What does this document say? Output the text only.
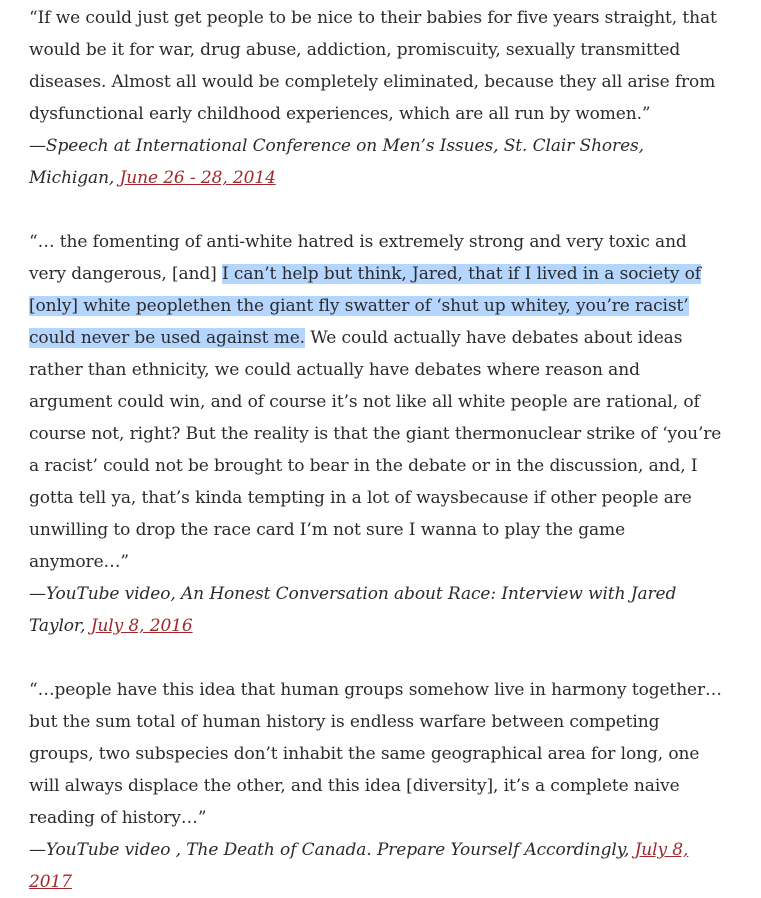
“If we could just get people to be nice to their babies for five years straight, that would be it for war, drug abuse, addiction, promiscuity, sexually transmitted diseases. Almost all would be completely eliminated, because they all arise from dysfunctional early childhood experiences, which are all run by women.”

—Speech at International Conference on Men’s Issues, St. Clair Shores, Michigan, June 26 - 28, 2014

“… the fomenting of anti-white hatred is extremely strong and very toxic and very dangerous, [and] I can’t help but think, Jared, that if I lived in a society of [only] white peoplethen the giant fly swatter of ‘shut up whitey, you’re racist’ could never be used against me. We could actually have debates about ideas rather than ethnicity, we could actually have debates where reason and argument could win, and of course it’s not like all white people are rational, of course not, right? But the reality is that the giant thermonuclear strike of ‘you’re a racist’ could not be brought to bear in the debate or in the discussion, and, I gotta tell ya, that’s kinda tempting in a lot of waysbecause if other people are unwilling to drop the race card I’m not sure I wanna to play the game anymore…”

—YouTube video, An Honest Conversation about Race: Interview with Jared Taylor, July 8, 2016

“…people have this idea that human groups somehow live in harmony together…but the sum total of human history is endless warfare between competing groups, two subspecies don’t inhabit the same geographical area for long, one will always displace the other, and this idea [diversity], it’s a complete naive reading of history…”

—YouTube video , The Death of Canada. Prepare Yourself Accordingly, July 8, 2017
